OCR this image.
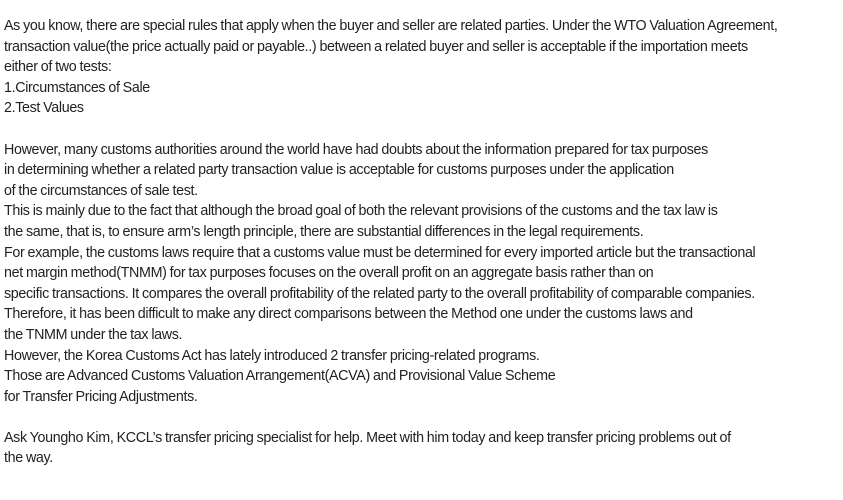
As you know, there are special rules that apply when the buyer and seller are related parties. Under the WTO Valuation Agreement,
transaction value(the price actually paid or payable..) between a related buyer and seller is acceptable if the importation meets
either of two tests:
1.Circumstances of Sale
2.Test Values
However, many customs authorities around the world have had doubts about the information prepared for tax purposes
in determining whether a related party transaction value is acceptable for customs purposes under the application
of the circumstances of sale test.
This is mainly due to the fact that although the broad goal of both the relevant provisions of the customs and the tax law is
the same, that is, to ensure arm’s length principle, there are substantial differences in the legal requirements.
For example, the customs laws require that a customs value must be determined for every imported article but the transactional
net margin method(TNMM) for tax purposes focuses on the overall profit on an aggregate basis rather than on
specific transactions. It compares the overall profitability of the related party to the overall profitability of comparable companies.
Therefore, it has been difficult to make any direct comparisons between the Method one under the customs laws and
the TNMM under the tax laws.
However, the Korea Customs Act has lately introduced 2 transfer pricing-related programs.
Those are Advanced Customs Valuation Arrangement(ACVA) and Provisional Value Scheme
for Transfer Pricing Adjustments.
Ask Youngho Kim, KCCL’s transfer pricing specialist for help. Meet with him today and keep transfer pricing problems out of
the way.
